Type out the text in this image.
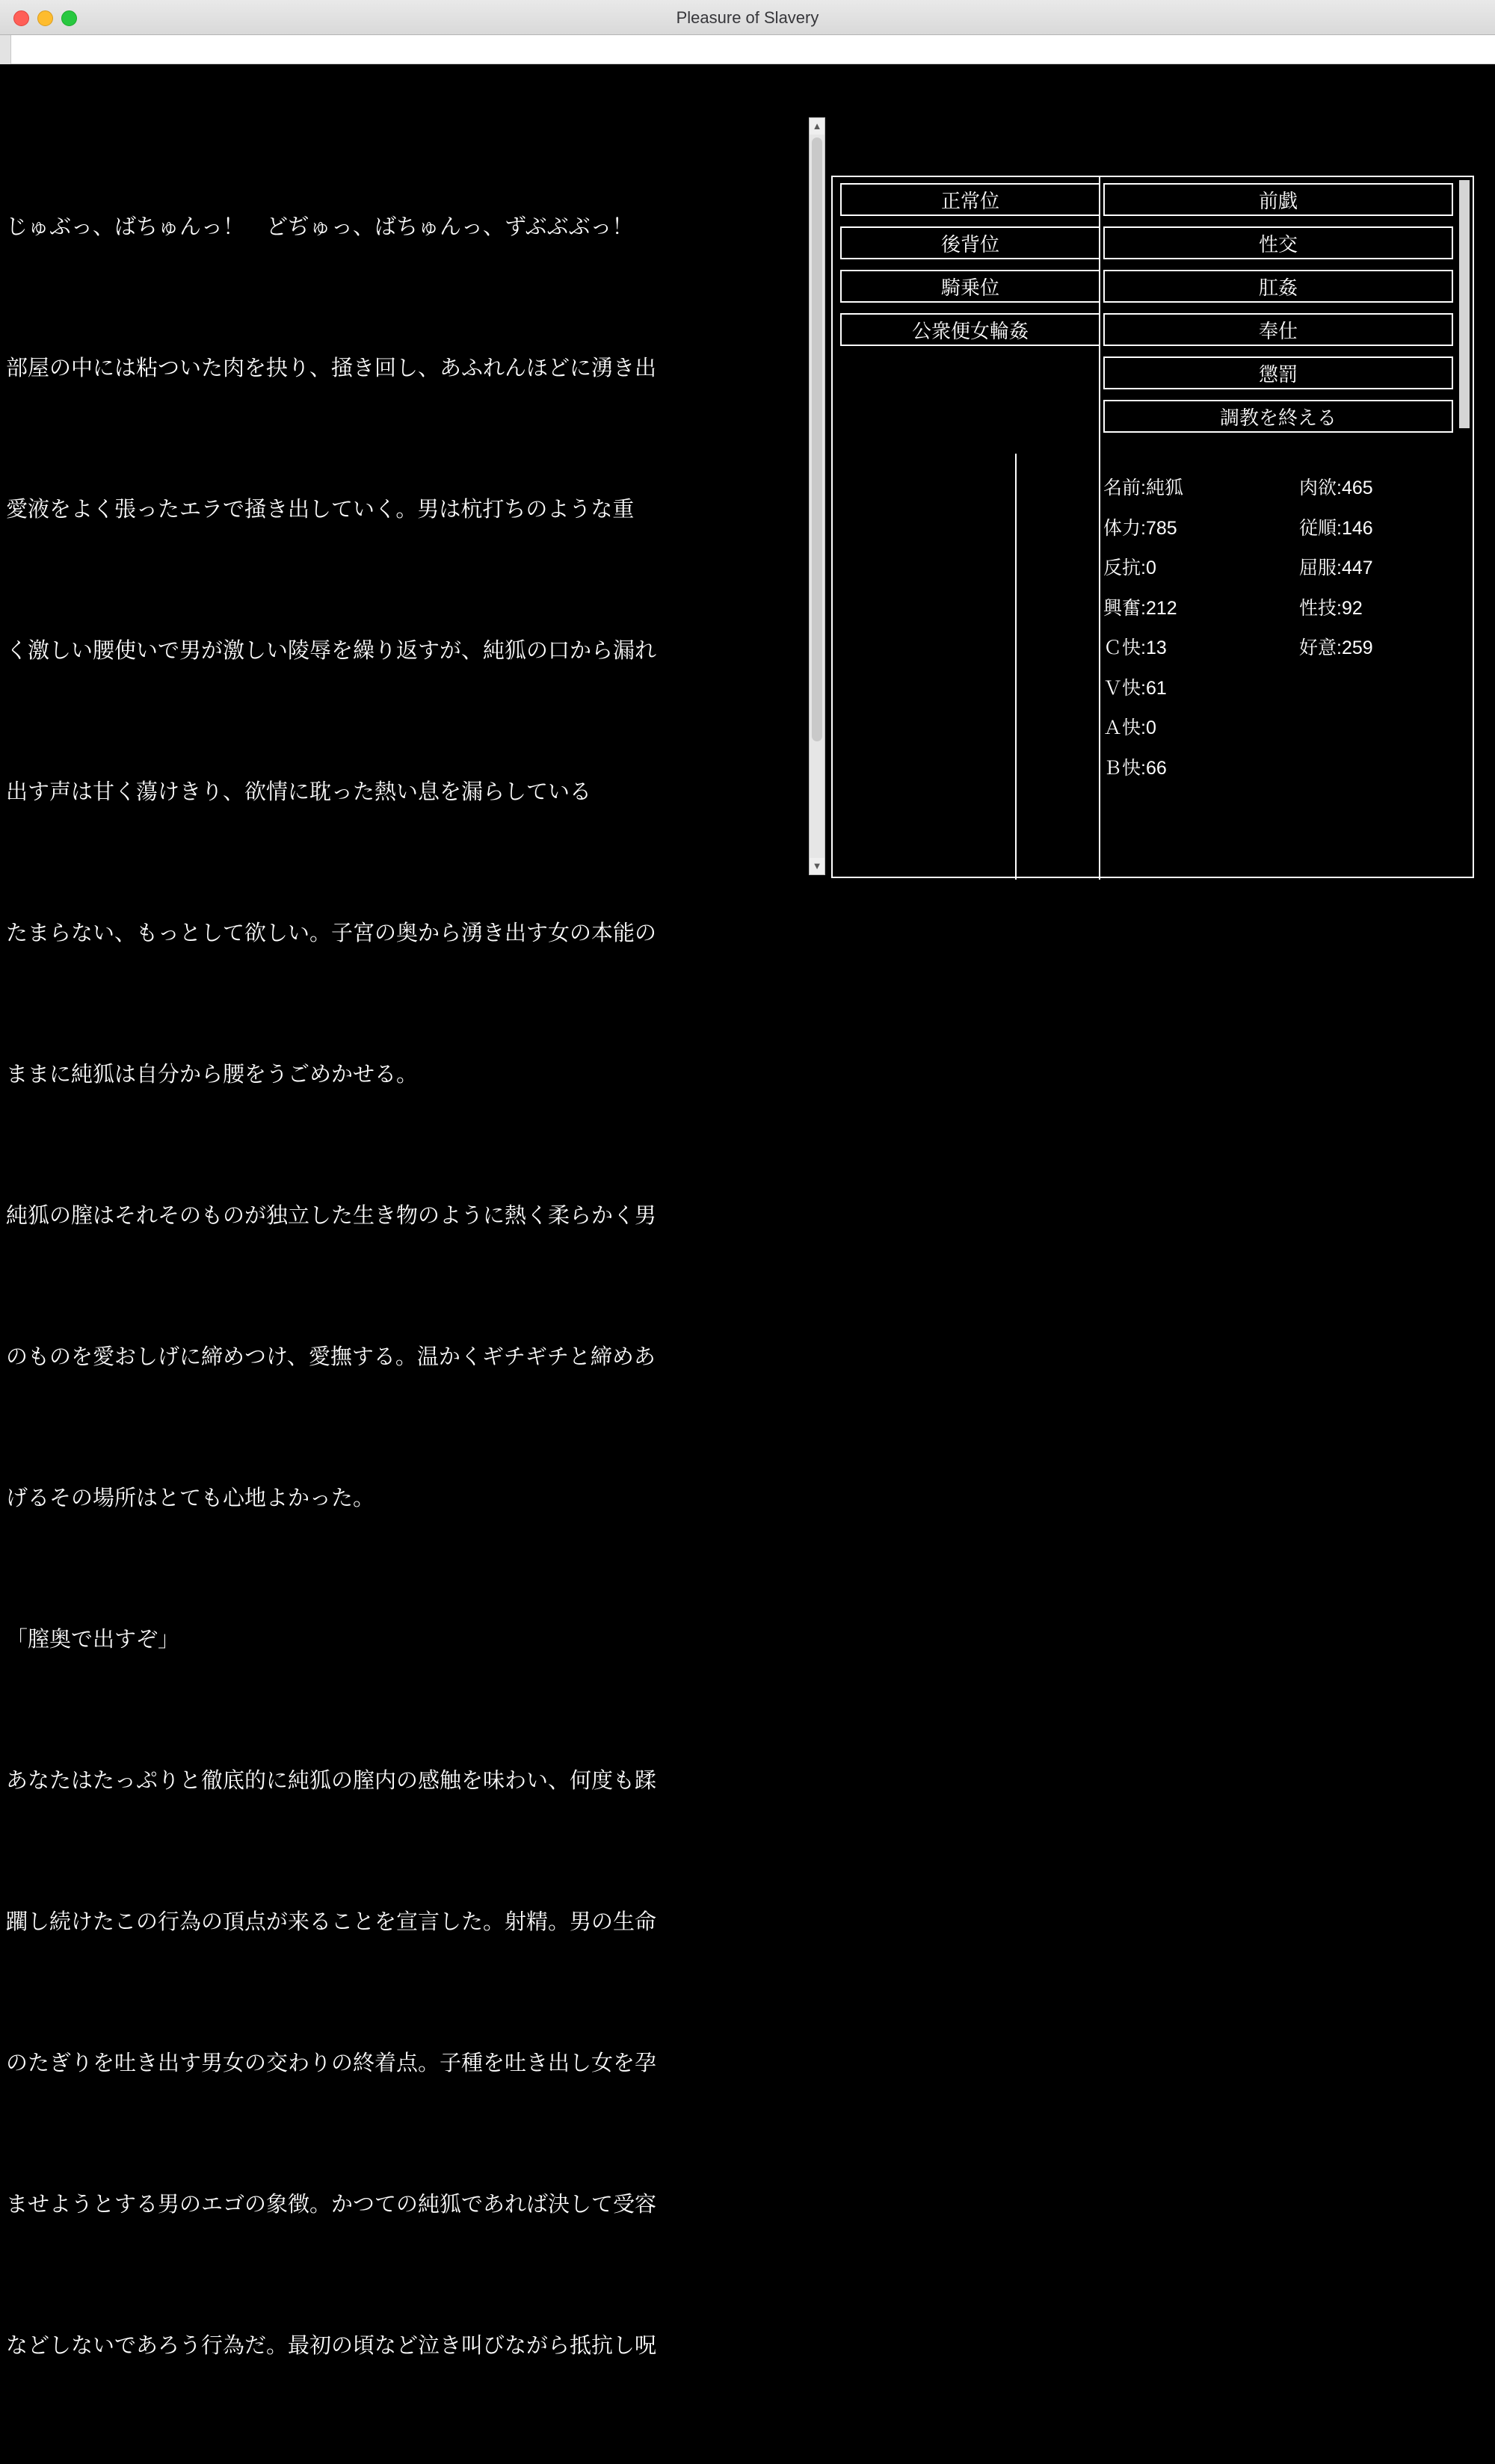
Pleasure of Slavery

じゅぶっ、ばちゅんっ！　どぢゅっ、ばちゅんっ、ずぶぶぶっ！

部屋の中には粘ついた肉を抉り、掻き回し、あふれんほどに湧き出

愛液をよく張ったエラで掻き出していく。男は杭打ちのような重

く激しい腰使いで男が激しい陵辱を繰り返すが、純狐の口から漏れ

出す声は甘く蕩けきり、欲情に耽った熱い息を漏らしている

たまらない、もっとして欲しい。子宮の奥から湧き出す女の本能の

ままに純狐は自分から腰をうごめかせる。

純狐の膣はそれそのものが独立した生き物のように熱く柔らかく男

のものを愛おしげに締めつけ、愛撫する。温かくギチギチと締めあ

げるその場所はとても心地よかった。

「膣奥で出すぞ」

あなたはたっぷりと徹底的に純狐の膣内の感触を味わい、何度も蹂

躙し続けたこの行為の頂点が来ることを宣言した。射精。男の生命

のたぎりを吐き出す男女の交わりの終着点。子種を吐き出し女を孕

ませようとする男のエゴの象徴。かつての純狐であれば決して受容

などしないであろう行為だ。最初の頃など泣き叫びながら抵抗し呪

▲
▼
正常位
後背位
騎乗位
公衆便女輪姦
前戯
性交
肛姦
奉仕
懲罰
調教を終える
名前:純狐
体力:785
反抗:0
興奮:212
Ｃ快:13
Ｖ快:61
Ａ快:0
Ｂ快:66
肉欲:465
従順:146
屈服:447
性技:92
好意:259
